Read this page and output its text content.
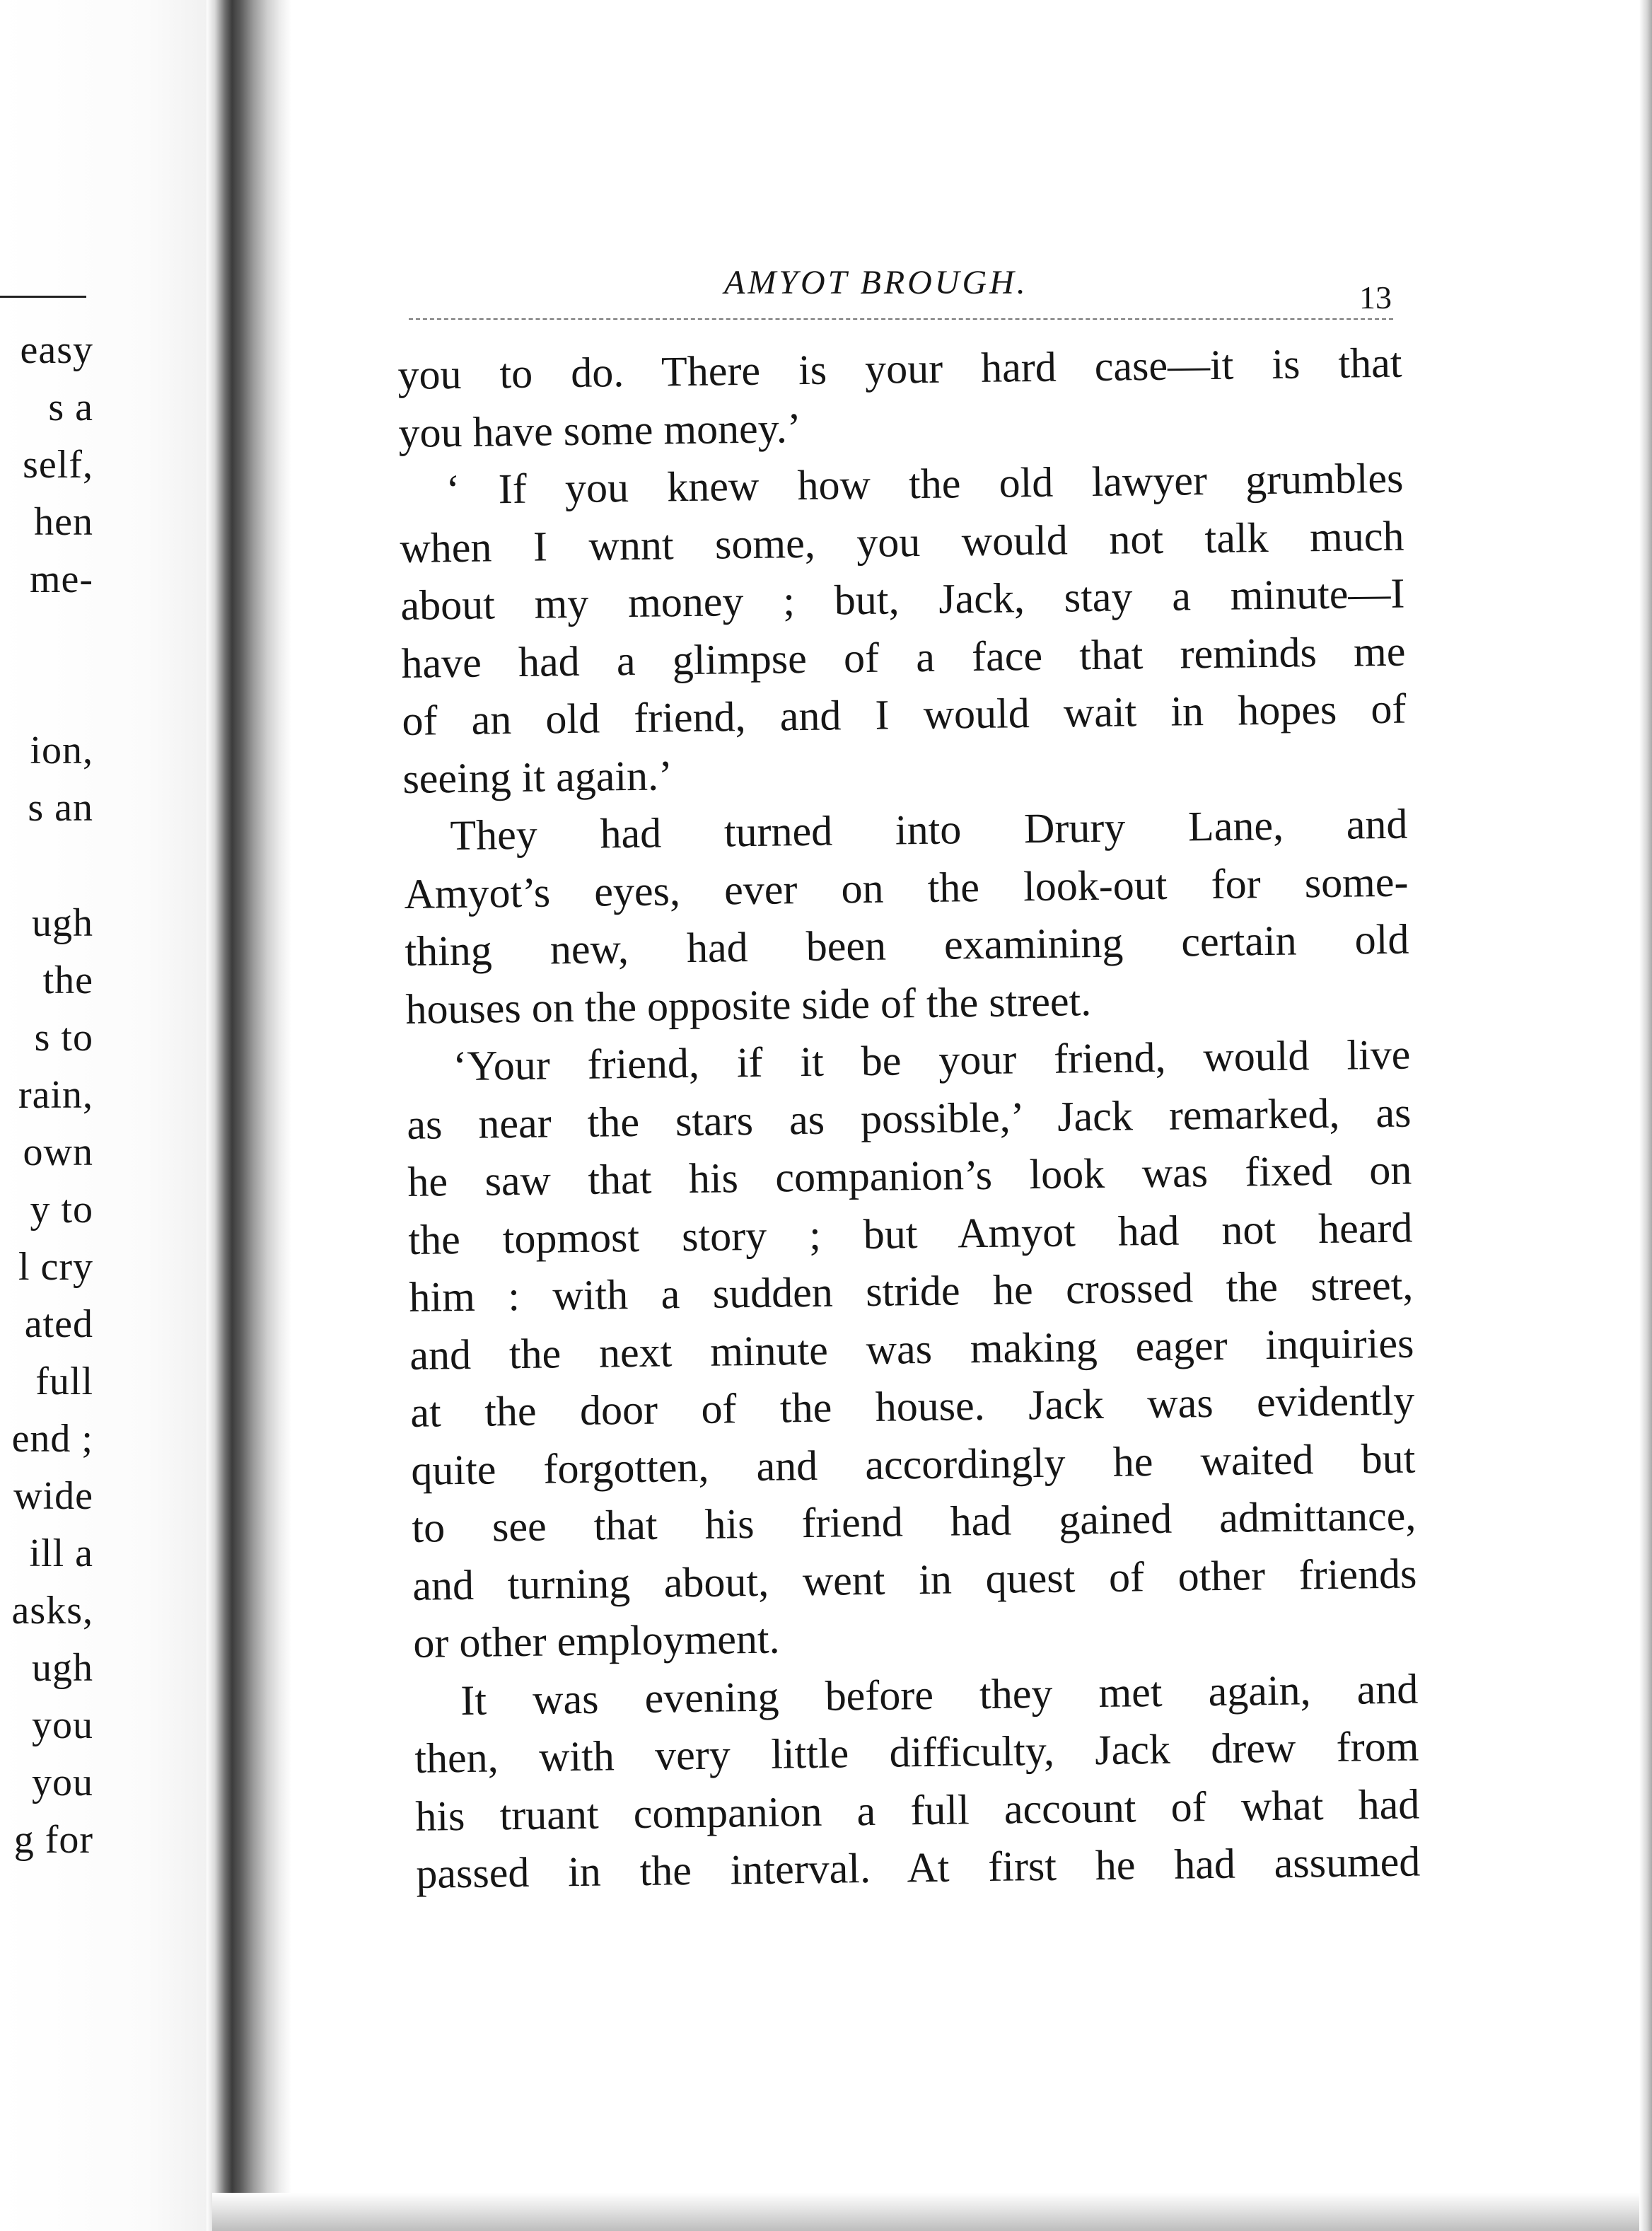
easy
s a
self,
hen
me-
ion,
s an
ugh
the
s to
rain,
own
y to
l cry
ated
full
end ;
wide
ill a
asks,
ugh
you
you
g for
AMYOT BROUGH.	13
you to do. There is your hard case—it is that
you have some money.’
‘ If you knew how the old lawyer grumbles
when I wnnt some, you would not talk much
about my money ; but, Jack, stay a minute—I
have had a glimpse of a face that reminds me
of an old friend, and I would wait in hopes of
seeing it again.’
They had turned into Drury Lane, and
Amyot’s eyes, ever on the look-out for some-
thing new, had been examining certain old
houses on the opposite side of the street.
‘Your friend, if it be your friend, would live
as near the stars as possible,’ Jack remarked, as
he saw that his companion’s look was fixed on
the topmost story ; but Amyot had not heard
him : with a sudden stride he crossed the street,
and the next minute was making eager inquiries
at the door of the house. Jack was evidently
quite forgotten, and accordingly he waited but
to see that his friend had gained admittance,
and turning about, went in quest of other friends
or other employment.
It was evening before they met again, and
then, with very little difficulty, Jack drew from
his truant companion a full account of what had
passed in the interval. At first he had assumed
